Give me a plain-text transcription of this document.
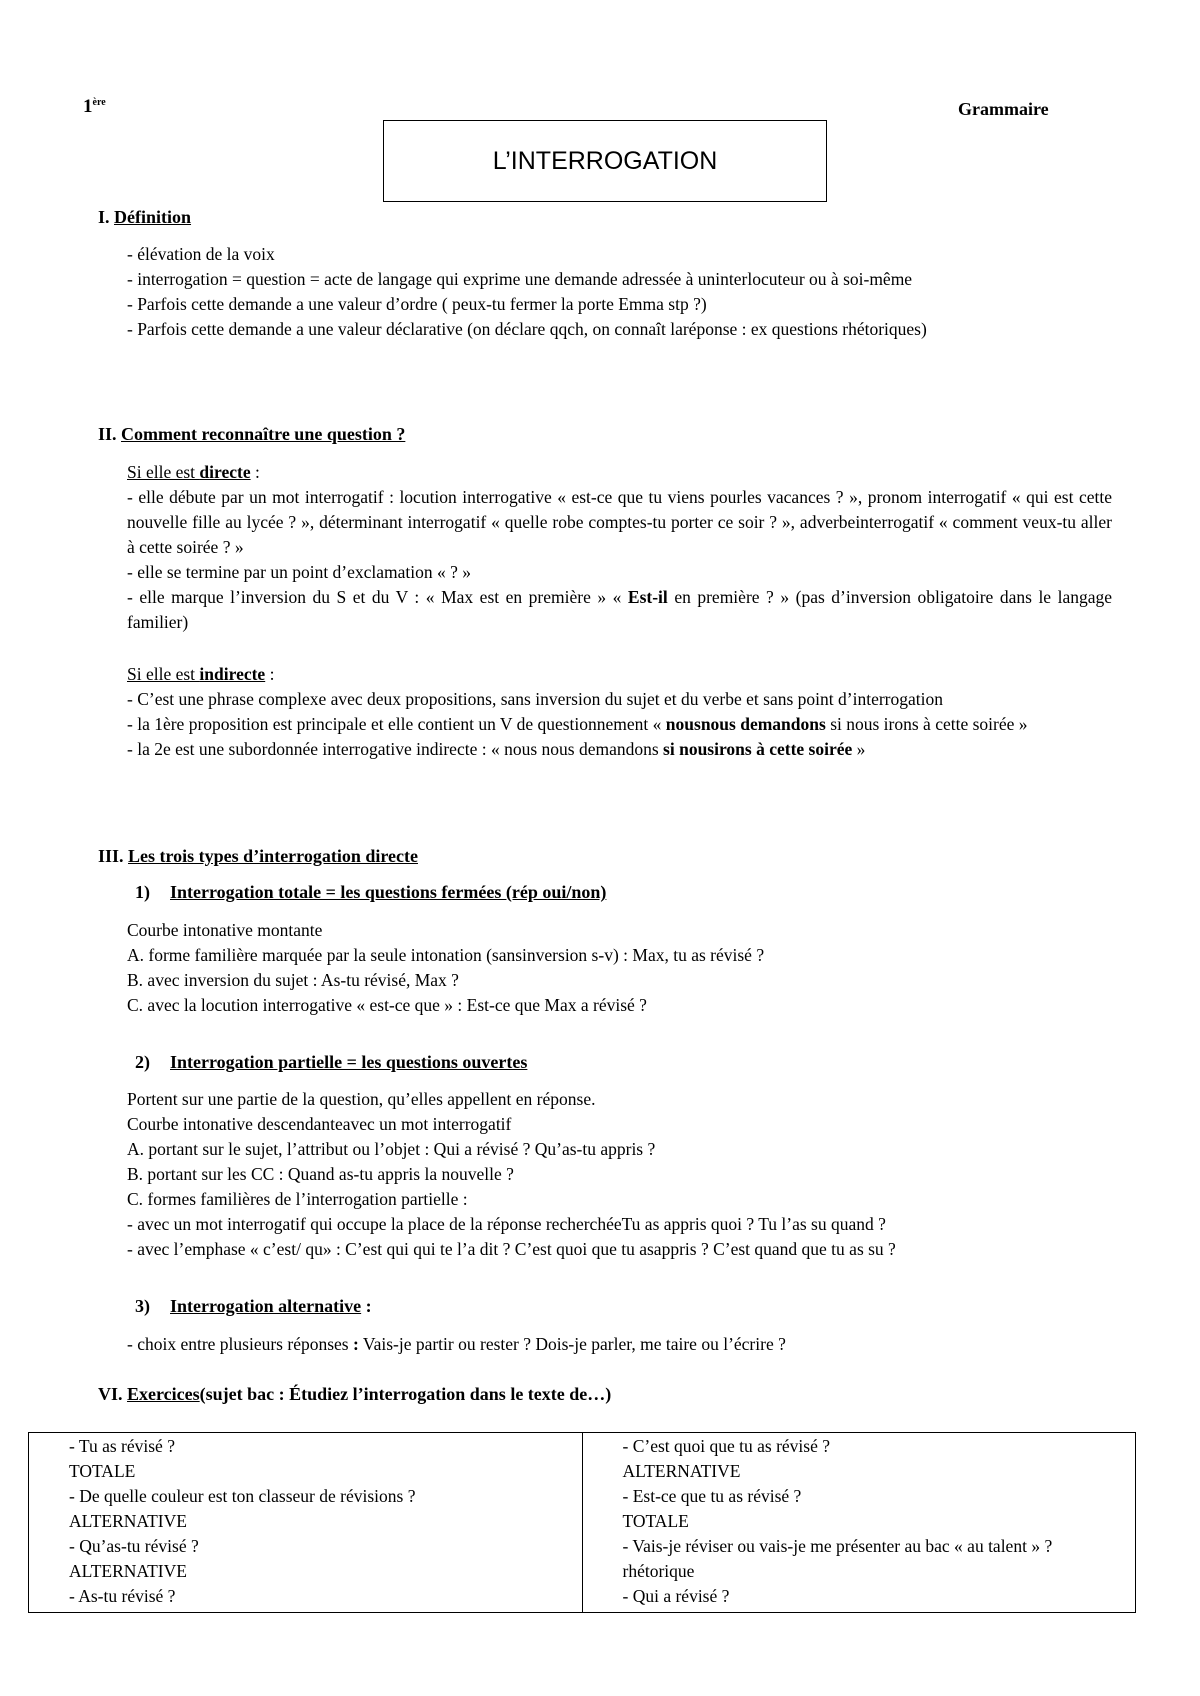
1ère	Grammaire
L’INTERROGATION
I. Définition

- élévation de la voix

- interrogation = question = acte de langage qui exprime une demande adressée à uninterlocuteur ou à soi-même

- Parfois cette demande a une valeur d’ordre ( peux-tu fermer la porte Emma stp ?)

- Parfois cette demande a une valeur déclarative (on déclare qqch, on connaît laréponse : ex questions rhétoriques)

II. Comment reconnaître une question ?

Si elle est directe :

- elle débute par un mot interrogatif : locution interrogative « est-ce que tu viens pourles vacances ? », pronom interrogatif « qui est cette nouvelle fille au lycée ? », déterminant interrogatif « quelle robe comptes-tu porter ce soir ? », adverbeinterrogatif « comment veux-tu aller à cette soirée ? »

- elle se termine par un point d’exclamation « ? »

- elle marque l’inversion du S et du V : « Max est en première » « Est-il en première ? » (pas d’inversion obligatoire dans le langage familier)

Si elle est indirecte :

- C’est une phrase complexe avec deux propositions, sans inversion du sujet et du verbe et sans point d’interrogation

- la 1ère proposition est principale et elle contient un V de questionnement « nousnous demandons si nous irons à cette soirée »

- la 2e est une subordonnée interrogative indirecte : « nous nous demandons si nousirons à cette soirée »

III. Les trois types d’interrogation directe
1) Interrogation totale = les questions fermées (rép oui/non)

Courbe intonative montante

A. forme familière marquée par la seule intonation (sansinversion s-v) : Max, tu as révisé ?

B. avec inversion du sujet : As-tu révisé, Max ?

C. avec la locution interrogative « est-ce que » : Est-ce que Max a révisé ?

2) Interrogation partielle = les questions ouvertes

Portent sur une partie de la question, qu’elles appellent en réponse.

Courbe intonative descendanteavec un mot interrogatif

A. portant sur le sujet, l’attribut ou l’objet : Qui a révisé ? Qu’as-tu appris ?

B. portant sur les CC : Quand as-tu appris la nouvelle ?

C. formes familières de l’interrogation partielle :

- avec un mot interrogatif qui occupe la place de la réponse recherchéeTu as appris quoi ? Tu l’as su quand ?

- avec l’emphase « c’est/ qu» : C’est qui qui te l’a dit ? C’est quoi que tu asappris ? C’est quand que tu as su ?

3) Interrogation alternative :

- choix entre plusieurs réponses : Vais-je partir ou rester ? Dois-je parler, me taire ou l’écrire ?

VI. Exercices(sujet bac : Étudiez l’interrogation dans le texte de…)
- Tu as révisé ?
TOTALE
- De quelle couleur est ton classeur de révisions ?
ALTERNATIVE
- Qu’as-tu révisé ?
ALTERNATIVE
- As-tu révisé ?

- C’est quoi que tu as révisé ?
ALTERNATIVE
- Est-ce que tu as révisé ?
TOTALE
- Vais-je réviser ou vais-je me présenter au bac « au talent » ?
rhétorique
- Qui a révisé ?
